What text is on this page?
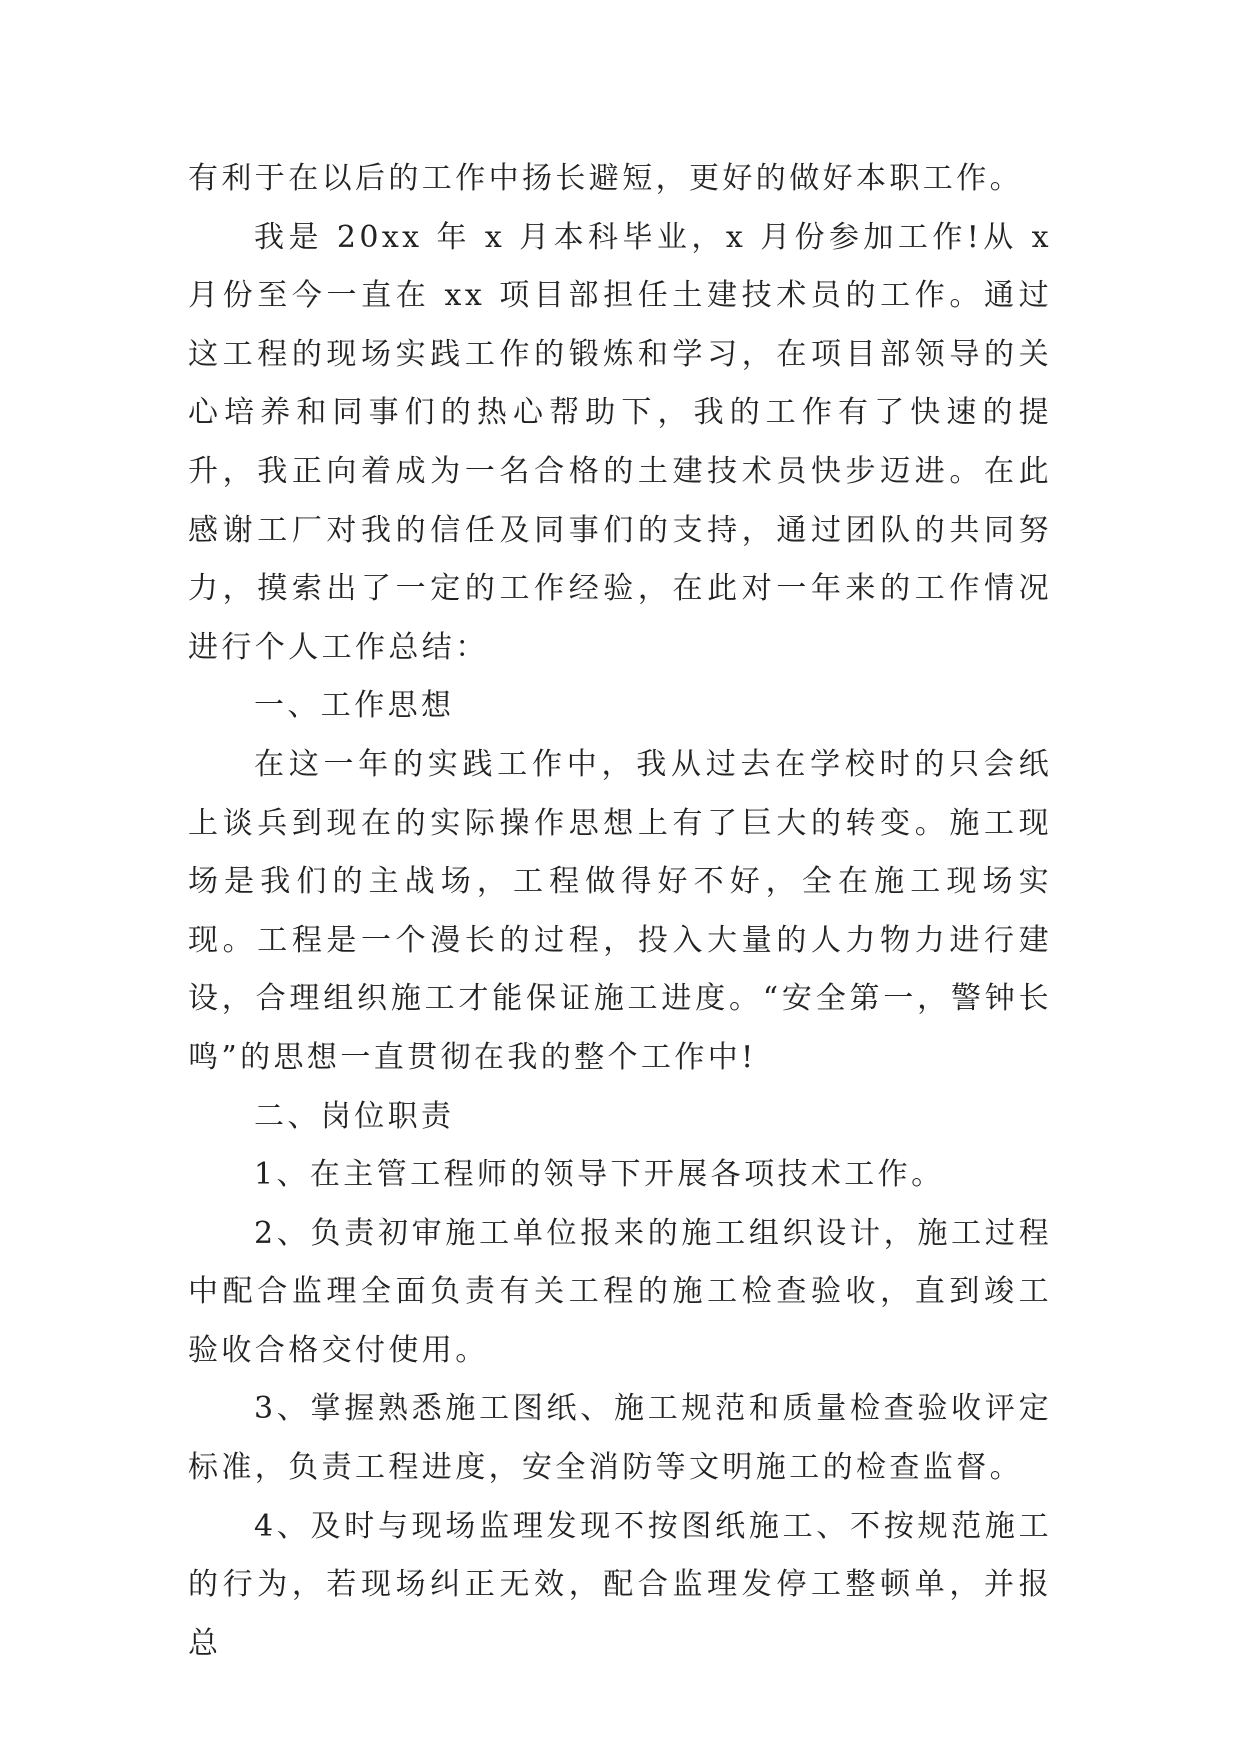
有利于在以后的工作中扬长避短，更好的做好本职工作。

我是 20xx 年 x 月本科毕业，x 月份参加工作!从 x 月份至今一直在 xx 项目部担任土建技术员的工作。通过这工程的现场实践工作的锻炼和学习，在项目部领导的关心培养和同事们的热心帮助下，我的工作有了快速的提升，我正向着成为一名合格的土建技术员快步迈进。在此感谢工厂对我的信任及同事们的支持，通过团队的共同努力，摸索出了一定的工作经验，在此对一年来的工作情况进行个人工作总结：

一、工作思想

在这一年的实践工作中，我从过去在学校时的只会纸上谈兵到现在的实际操作思想上有了巨大的转变。施工现场是我们的主战场，工程做得好不好，全在施工现场实现。工程是一个漫长的过程，投入大量的人力物力进行建设，合理组织施工才能保证施工进度。“安全第一，警钟长鸣”的思想一直贯彻在我的整个工作中!

二、岗位职责

1、在主管工程师的领导下开展各项技术工作。

2、负责初审施工单位报来的施工组织设计，施工过程中配合监理全面负责有关工程的施工检查验收，直到竣工验收合格交付使用。

3、掌握熟悉施工图纸、施工规范和质量检查验收评定标准，负责工程进度，安全消防等文明施工的检查监督。

4、及时与现场监理发现不按图纸施工、不按规范施工的行为，若现场纠正无效，配合监理发停工整顿单，并报总
